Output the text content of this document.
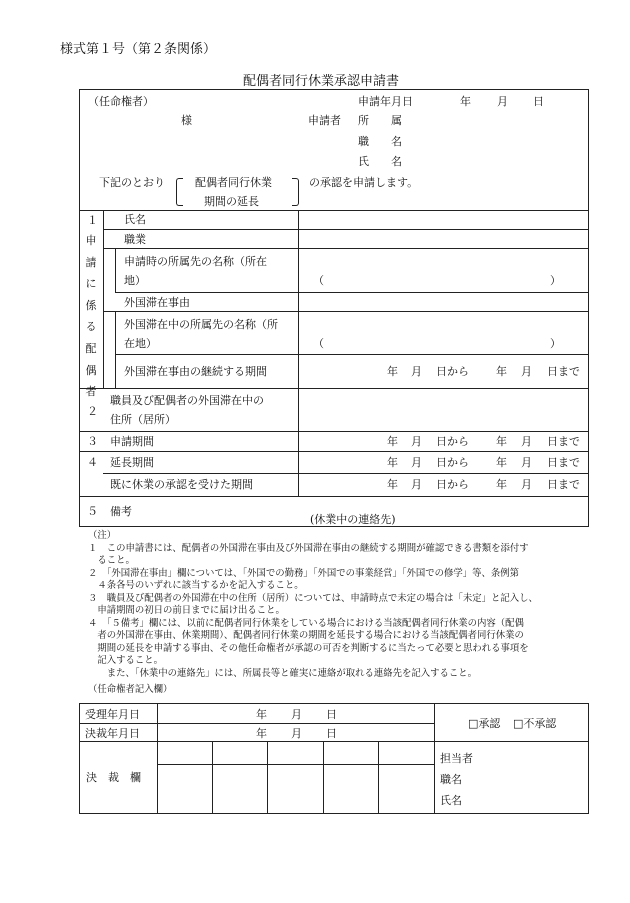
様式第１号（第２条関係）
配偶者同行休業承認申請書
（任命権者）
様
申請年月日	年 月 日
申請者 所　　属
職　　名
氏　　名
下記のとおり	配偶者同行休業
期間の延長
の承認を申請します。
１
申
請
に
係
る
配
偶
者
氏名
職業
申請時の所属先の名称（所在
地）	（	）
外国滞在事由
外国滞在中の所属先の名称（所
在地）	（	）
外国滞在事由の継続する期間	年 月 日から 年 月 日まで
２
職員及び配偶者の外国滞在中の
住所（居所）
３ 申請期間	年 月 日から 年 月 日まで
４ 延長期間	年 月 日から 年 月 日まで
既に休業の承認を受けた期間	年 月 日から 年 月 日まで
５ 備考
(休業中の連絡先)
（注）
１　この申請書には、配偶者の外国滞在事由及び外国滞在事由の継続する期間が確認できる書類を添付す
　ること。
２　「外国滞在事由」欄については、「外国での勤務」「外国での事業経営」「外国での修学」等、条例第
　４条各号のいずれに該当するかを記入すること。
３　職員及び配偶者の外国滞在中の住所（居所）については、申請時点で未定の場合は「未定」と記入し、
　申請期間の初日の前日までに届け出ること。
４　「５備考」欄には、以前に配偶者同行休業をしている場合における当該配偶者同行休業の内容（配偶
　者の外国滞在事由、休業期間）、配偶者同行休業の期間を延長する場合における当該配偶者同行休業の
　期間の延長を申請する事由、その他任命権者が承認の可否を判断するに当たって必要と思われる事項を
　記入すること。
　　また、「休業中の連絡先」には、所属長等と確実に連絡が取れる連絡先を記入すること。
（任命権者記入欄）
受理年月日	年 月 日
決裁年月日	年 月 日
□承認 □不承認
決　裁　欄
担当者
職名
氏名
